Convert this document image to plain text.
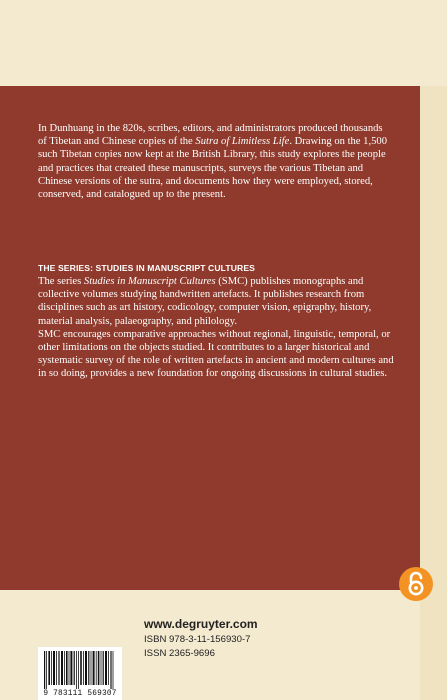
In Dunhuang in the 820s, scribes, editors, and administrators produced thousands of Tibetan and Chinese copies of the Sutra of Limitless Life. Drawing on the 1,500 such Tibetan copies now kept at the British Library, this study explores the people and practices that created these manuscripts, surveys the various Tibetan and Chinese versions of the sutra, and documents how they were employed, stored, conserved, and catalogued up to the present.
THE SERIES: STUDIES IN MANUSCRIPT CULTURES

The series Studies in Manuscript Cultures (SMC) publishes monographs and collective volumes studying handwritten artefacts. It publishes research from disciplines such as art history, codicology, computer vision, epigraphy, history, material analysis, palaeography, and philology.

SMC encourages comparative approaches without regional, linguistic, temporal, or other limitations on the objects studied. It contributes to a larger historical and systematic survey of the role of written artefacts in ancient and modern cultures and in so doing, provides a new foundation for ongoing discussions in cultural studies.

www.degruyter.com
ISBN 978-3-11-156930-7
ISSN 2365-9696
9 783111 569307
